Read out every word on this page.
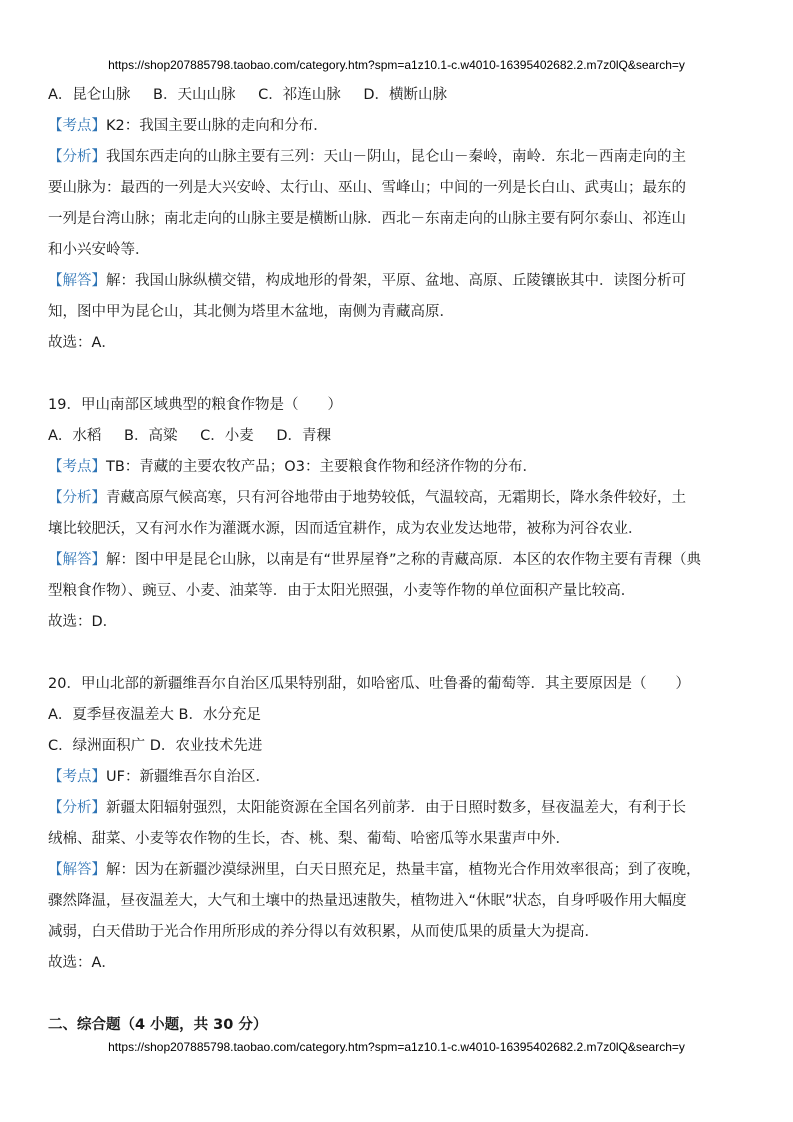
https://shop207885798.taobao.com/category.htm?spm=a1z10.1-c.w4010-16395402682.2.m7z0lQ&search=y
A．昆仑山脉 B．天山山脉 C．祁连山脉 D．横断山脉
【考点】K2：我国主要山脉的走向和分布．
【分析】我国东西走向的山脉主要有三列：天山－阴山，昆仑山－秦岭，南岭．东北－西南走向的主
要山脉为：最西的一列是大兴安岭、太行山、巫山、雪峰山；中间的一列是长白山、武夷山；最东的
一列是台湾山脉；南北走向的山脉主要是横断山脉．西北－东南走向的山脉主要有阿尔泰山、祁连山
和小兴安岭等．
【解答】解：我国山脉纵横交错，构成地形的骨架，平原、盆地、高原、丘陵镶嵌其中．读图分析可
知，图中甲为昆仑山，其北侧为塔里木盆地，南侧为青藏高原．
故选：A．
19．甲山南部区域典型的粮食作物是（　　）
A．水稻 B．高粱 C．小麦 D．青稞
【考点】TB：青藏的主要农牧产品；O3：主要粮食作物和经济作物的分布．
【分析】青藏高原气候高寒，只有河谷地带由于地势较低，气温较高，无霜期长，降水条件较好，土
壤比较肥沃，又有河水作为灌溉水源，因而适宜耕作，成为农业发达地带，被称为河谷农业．
【解答】解：图中甲是昆仑山脉，以南是有“世界屋脊”之称的青藏高原．本区的农作物主要有青稞（典
型粮食作物）、豌豆、小麦、油菜等．由于太阳光照强，小麦等作物的单位面积产量比较高．
故选：D．
20．甲山北部的新疆维吾尔自治区瓜果特别甜，如哈密瓜、吐鲁番的葡萄等．其主要原因是（　　）
A．夏季昼夜温差大 B．水分充足
C．绿洲面积广 D．农业技术先进
【考点】UF：新疆维吾尔自治区．
【分析】新疆太阳辐射强烈，太阳能资源在全国名列前茅．由于日照时数多，昼夜温差大，有利于长
绒棉、甜菜、小麦等农作物的生长，杏、桃、梨、葡萄、哈密瓜等水果蜚声中外．
【解答】解：因为在新疆沙漠绿洲里，白天日照充足，热量丰富，植物光合作用效率很高；到了夜晚，
骤然降温，昼夜温差大，大气和土壤中的热量迅速散失，植物进入“休眠”状态，自身呼吸作用大幅度
减弱，白天借助于光合作用所形成的养分得以有效积累，从而使瓜果的质量大为提高．
故选：A．
二、综合题（4 小题，共 30 分）
https://shop207885798.taobao.com/category.htm?spm=a1z10.1-c.w4010-16395402682.2.m7z0lQ&search=y
